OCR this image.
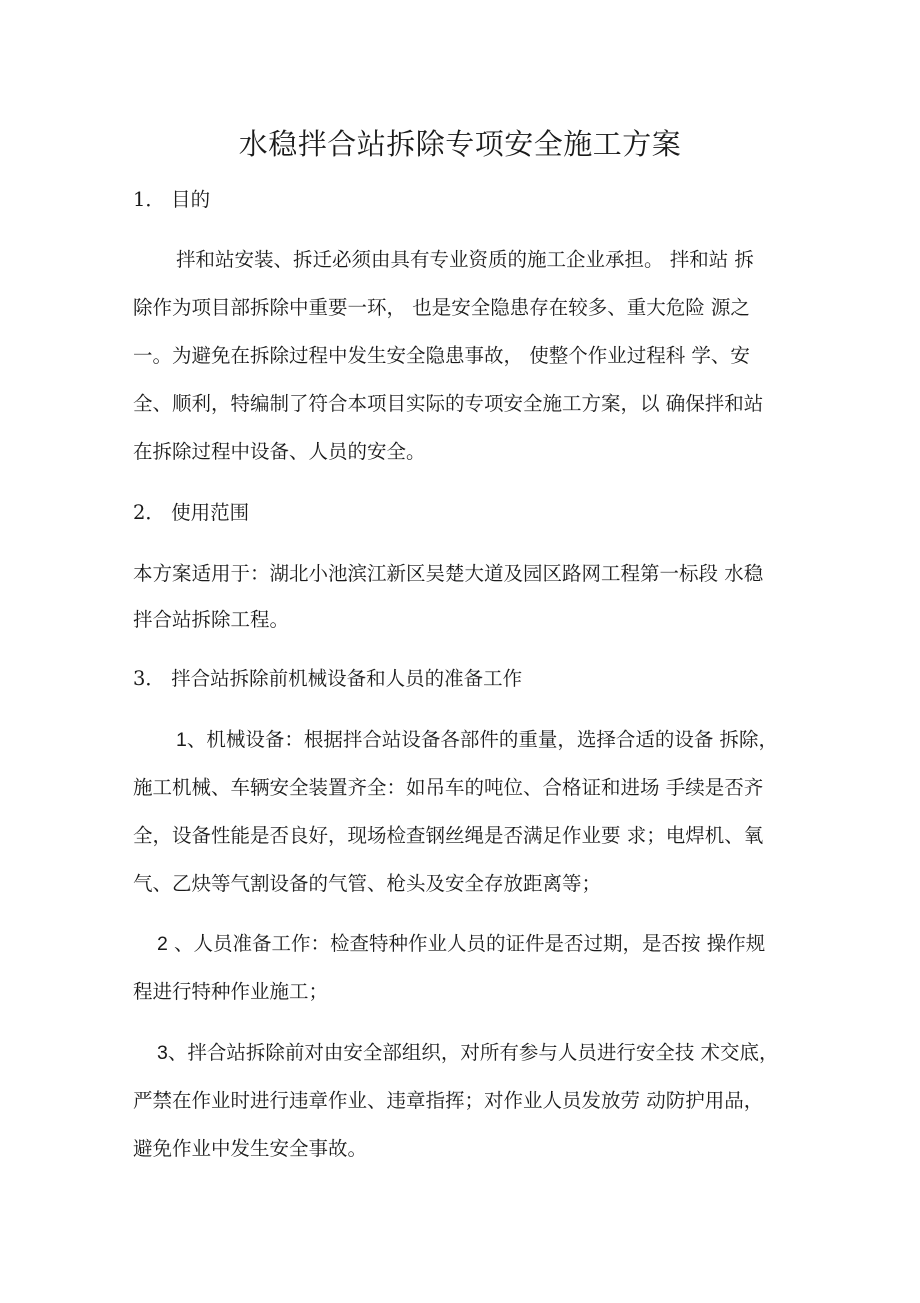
水稳拌合站拆除专项安全施工方案
1． 目的

拌和站安装、拆迁必须由具有专业资质的施工企业承担。 拌和站 拆

除作为项目部拆除中重要一环， 也是安全隐患存在较多、重大危险 源之

一。为避免在拆除过程中发生安全隐患事故， 使整个作业过程科 学、安

全、顺利，特编制了符合本项目实际的专项安全施工方案，以 确保拌和站

在拆除过程中设备、人员的安全。

2． 使用范围

本方案适用于：湖北小池滨江新区吴楚大道及园区路网工程第一标段 水稳

拌合站拆除工程。

3． 拌合站拆除前机械设备和人员的准备工作

1、机械设备：根据拌合站设备各部件的重量，选择合适的设备 拆除，

施工机械、车辆安全装置齐全：如吊车的吨位、合格证和进场 手续是否齐

全，设备性能是否良好，现场检查钢丝绳是否满足作业要 求；电焊机、氧

气、乙炔等气割设备的气管、枪头及安全存放距离等；

2 、人员准备工作：检查特种作业人员的证件是否过期，是否按 操作规

程进行特种作业施工；

3、拌合站拆除前对由安全部组织，对所有参与人员进行安全技 术交底，

严禁在作业时进行违章作业、违章指挥；对作业人员发放劳 动防护用品，

避免作业中发生安全事故。
